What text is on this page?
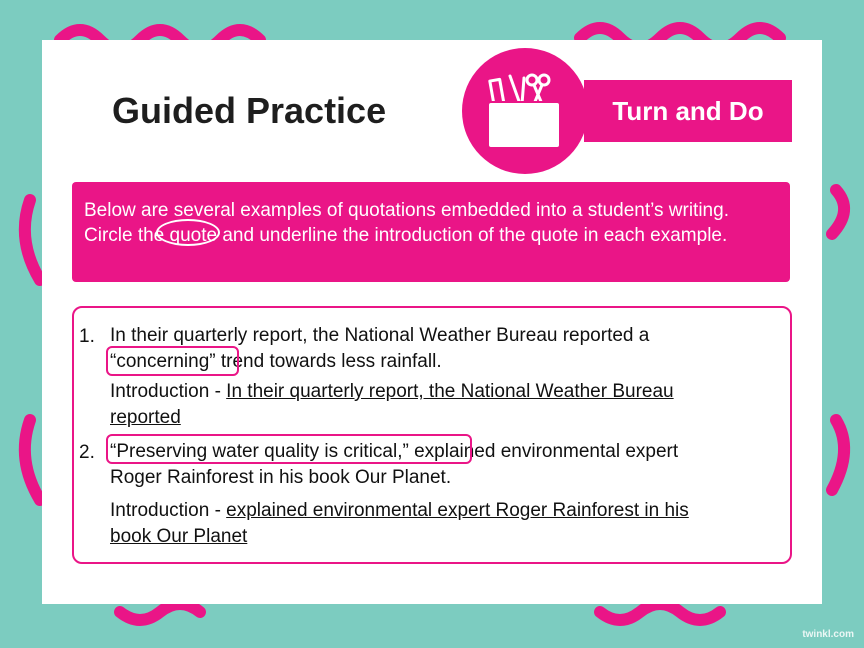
Guided Practice	Turn and Do
Below are several examples of quotations embedded into a student’s writing. Circle the quote and underline the introduction of the quote in each example.
1. In their quarterly report, the National Weather Bureau reported a

“concerning” trend towards less rainfall.

Introduction - In their quarterly report, the National Weather Bureau

reported

2. “Preserving water quality is critical,” explained environmental expert

Roger Rainforest in his book Our Planet.

Introduction - explained environmental expert Roger Rainforest in his

book Our Planet

twinkl.com
